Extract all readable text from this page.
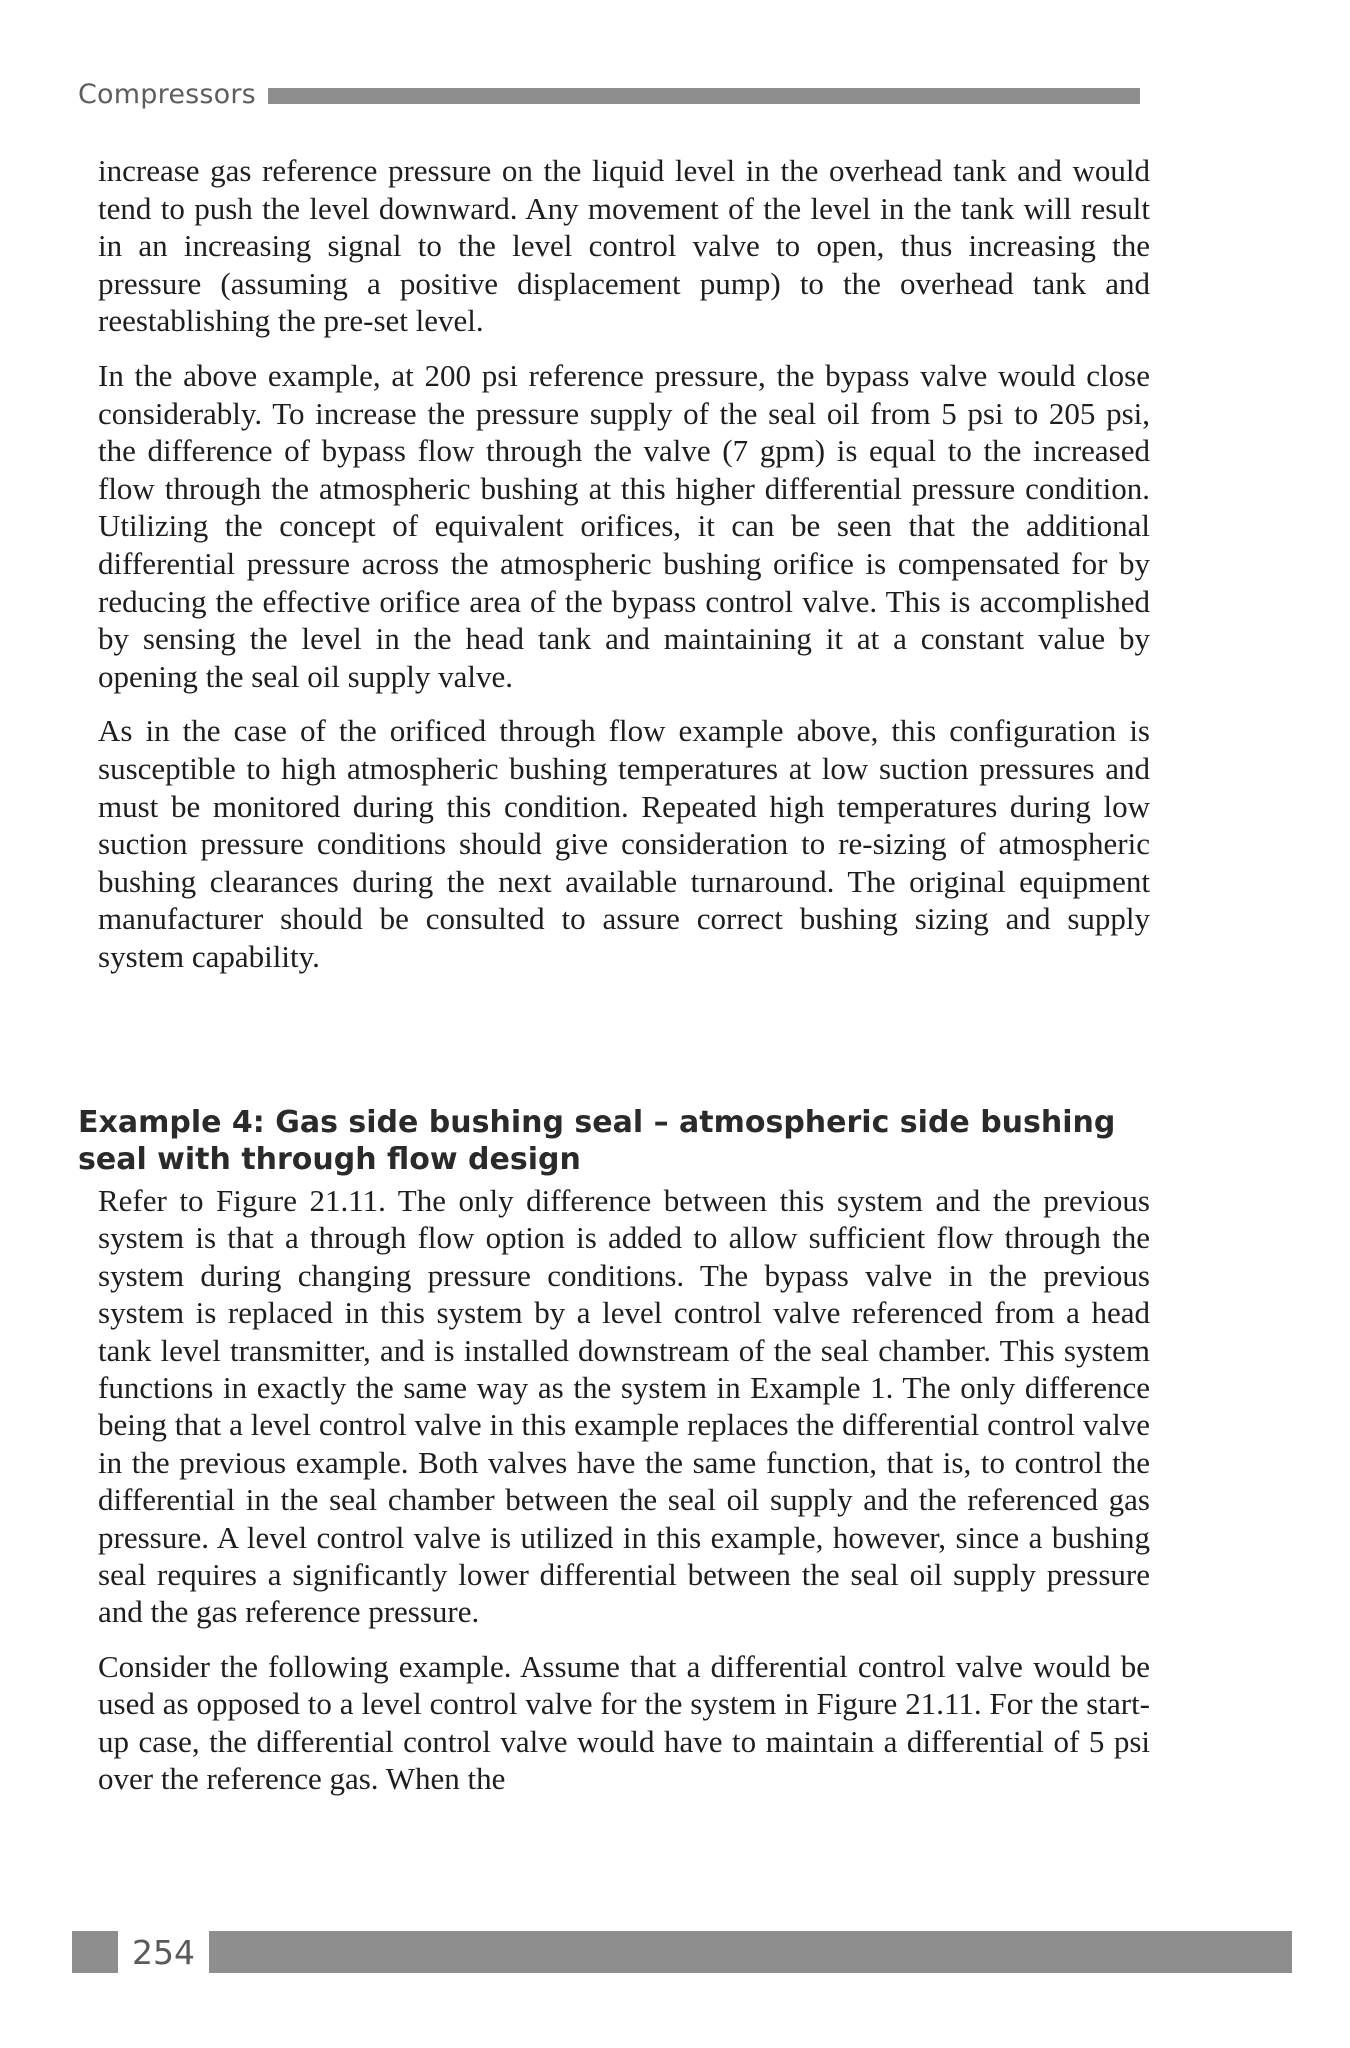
Compressors

increase gas reference pressure on the liquid level in the overhead tank and would tend to push the level downward. Any movement of the level in the tank will result in an increasing signal to the level control valve to open, thus increasing the pressure (assuming a positive displacement pump) to the overhead tank and reestablishing the pre-set level.

In the above example, at 200 psi reference pressure, the bypass valve would close considerably. To increase the pressure supply of the seal oil from 5 psi to 205 psi, the difference of bypass flow through the valve (7 gpm) is equal to the increased flow through the atmospheric bushing at this higher differential pressure condition. Utilizing the concept of equivalent orifices, it can be seen that the additional differential pressure across the atmospheric bushing orifice is compensated for by reducing the effective orifice area of the bypass control valve. This is accomplished by sensing the level in the head tank and maintaining it at a constant value by opening the seal oil supply valve.

As in the case of the orificed through flow example above, this configuration is susceptible to high atmospheric bushing temperatures at low suction pressures and must be monitored during this condition. Repeated high temperatures during low suction pressure conditions should give consideration to re-sizing of atmospheric bushing clearances during the next available turnaround. The original equipment manufacturer should be consulted to assure correct bushing sizing and supply system capability.

Example 4: Gas side bushing seal – atmospheric side bushing seal with through flow design

Refer to Figure 21.11. The only difference between this system and the previous system is that a through flow option is added to allow sufficient flow through the system during changing pressure conditions. The bypass valve in the previous system is replaced in this system by a level control valve referenced from a head tank level transmitter, and is installed downstream of the seal chamber. This system functions in exactly the same way as the system in Example 1. The only difference being that a level control valve in this example replaces the differential control valve in the previous example. Both valves have the same function, that is, to control the differential in the seal chamber between the seal oil supply and the referenced gas pressure. A level control valve is utilized in this example, however, since a bushing seal requires a significantly lower differential between the seal oil supply pressure and the gas reference pressure.

Consider the following example. Assume that a differential control valve would be used as opposed to a level control valve for the system in Figure 21.11. For the start-up case, the differential control valve would have to maintain a differential of 5 psi over the reference gas. When the

254
